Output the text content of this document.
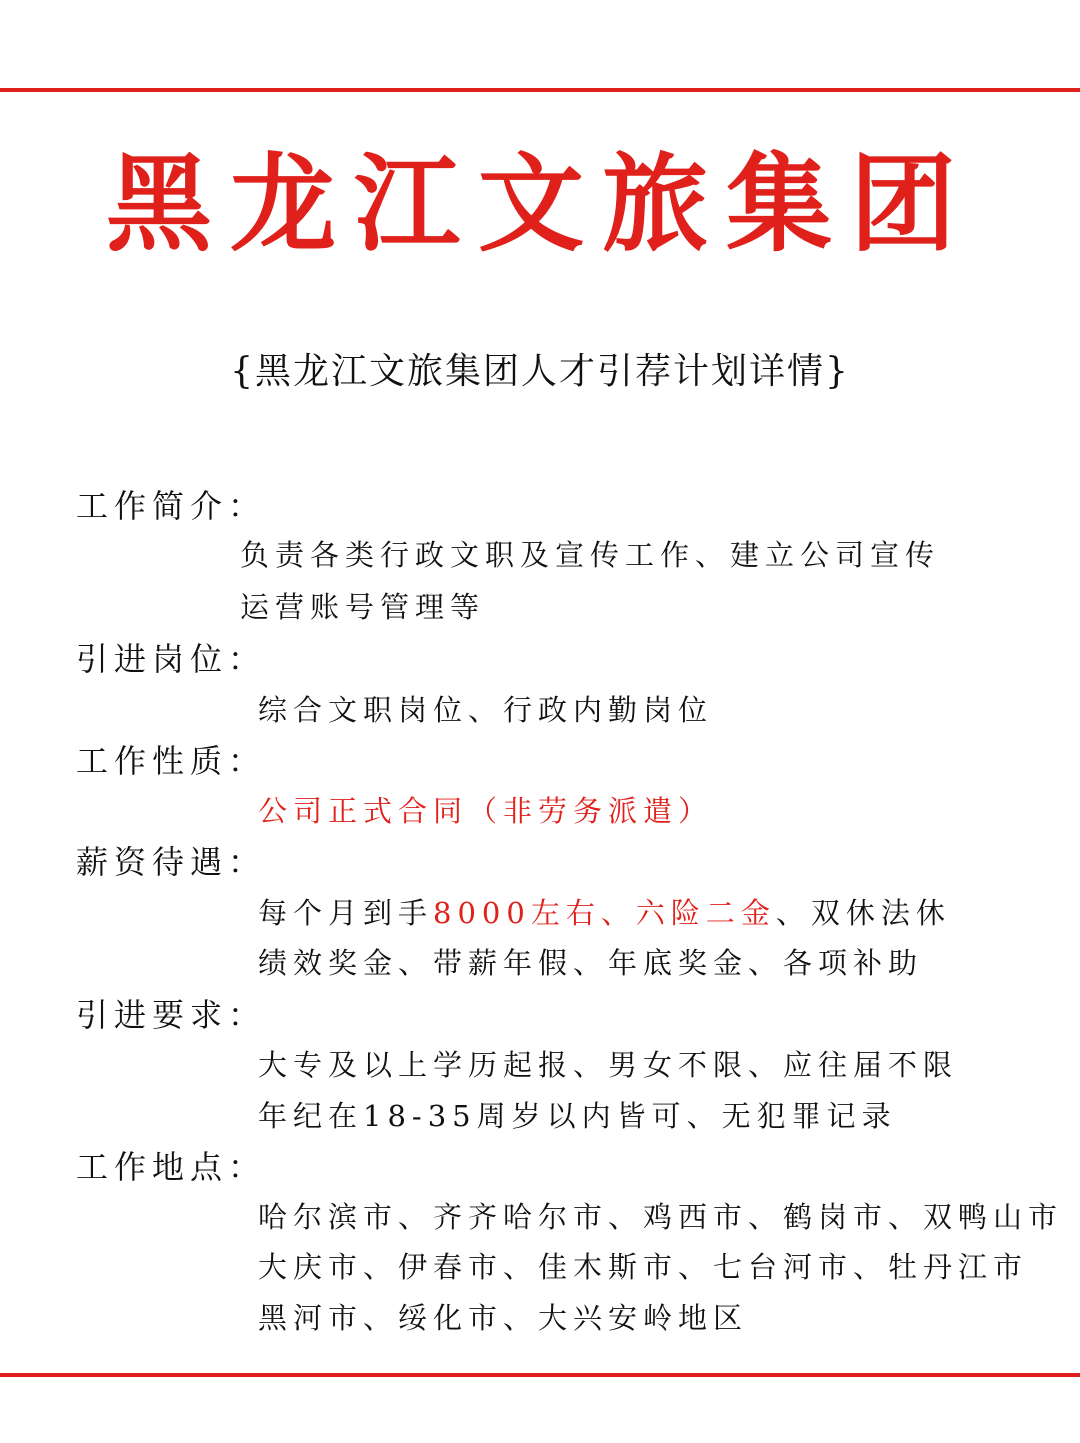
黑龙江文旅集团
{黑龙江文旅集团人才引荐计划详情}
工作简介：
负责各类行政文职及宣传工作、建立公司宣传
运营账号管理等
引进岗位：
综合文职岗位、行政内勤岗位
工作性质：
公司正式合同（非劳务派遣）
薪资待遇：
每个月到手8000左右、六险二金、双休法休
绩效奖金、带薪年假、年底奖金、各项补助
引进要求：
大专及以上学历起报、男女不限、应往届不限
年纪在18-35周岁以内皆可、无犯罪记录
工作地点：
哈尔滨市、齐齐哈尔市、鸡西市、鹤岗市、双鸭山市
大庆市、伊春市、佳木斯市、七台河市、牡丹江市
黑河市、绥化市、大兴安岭地区
